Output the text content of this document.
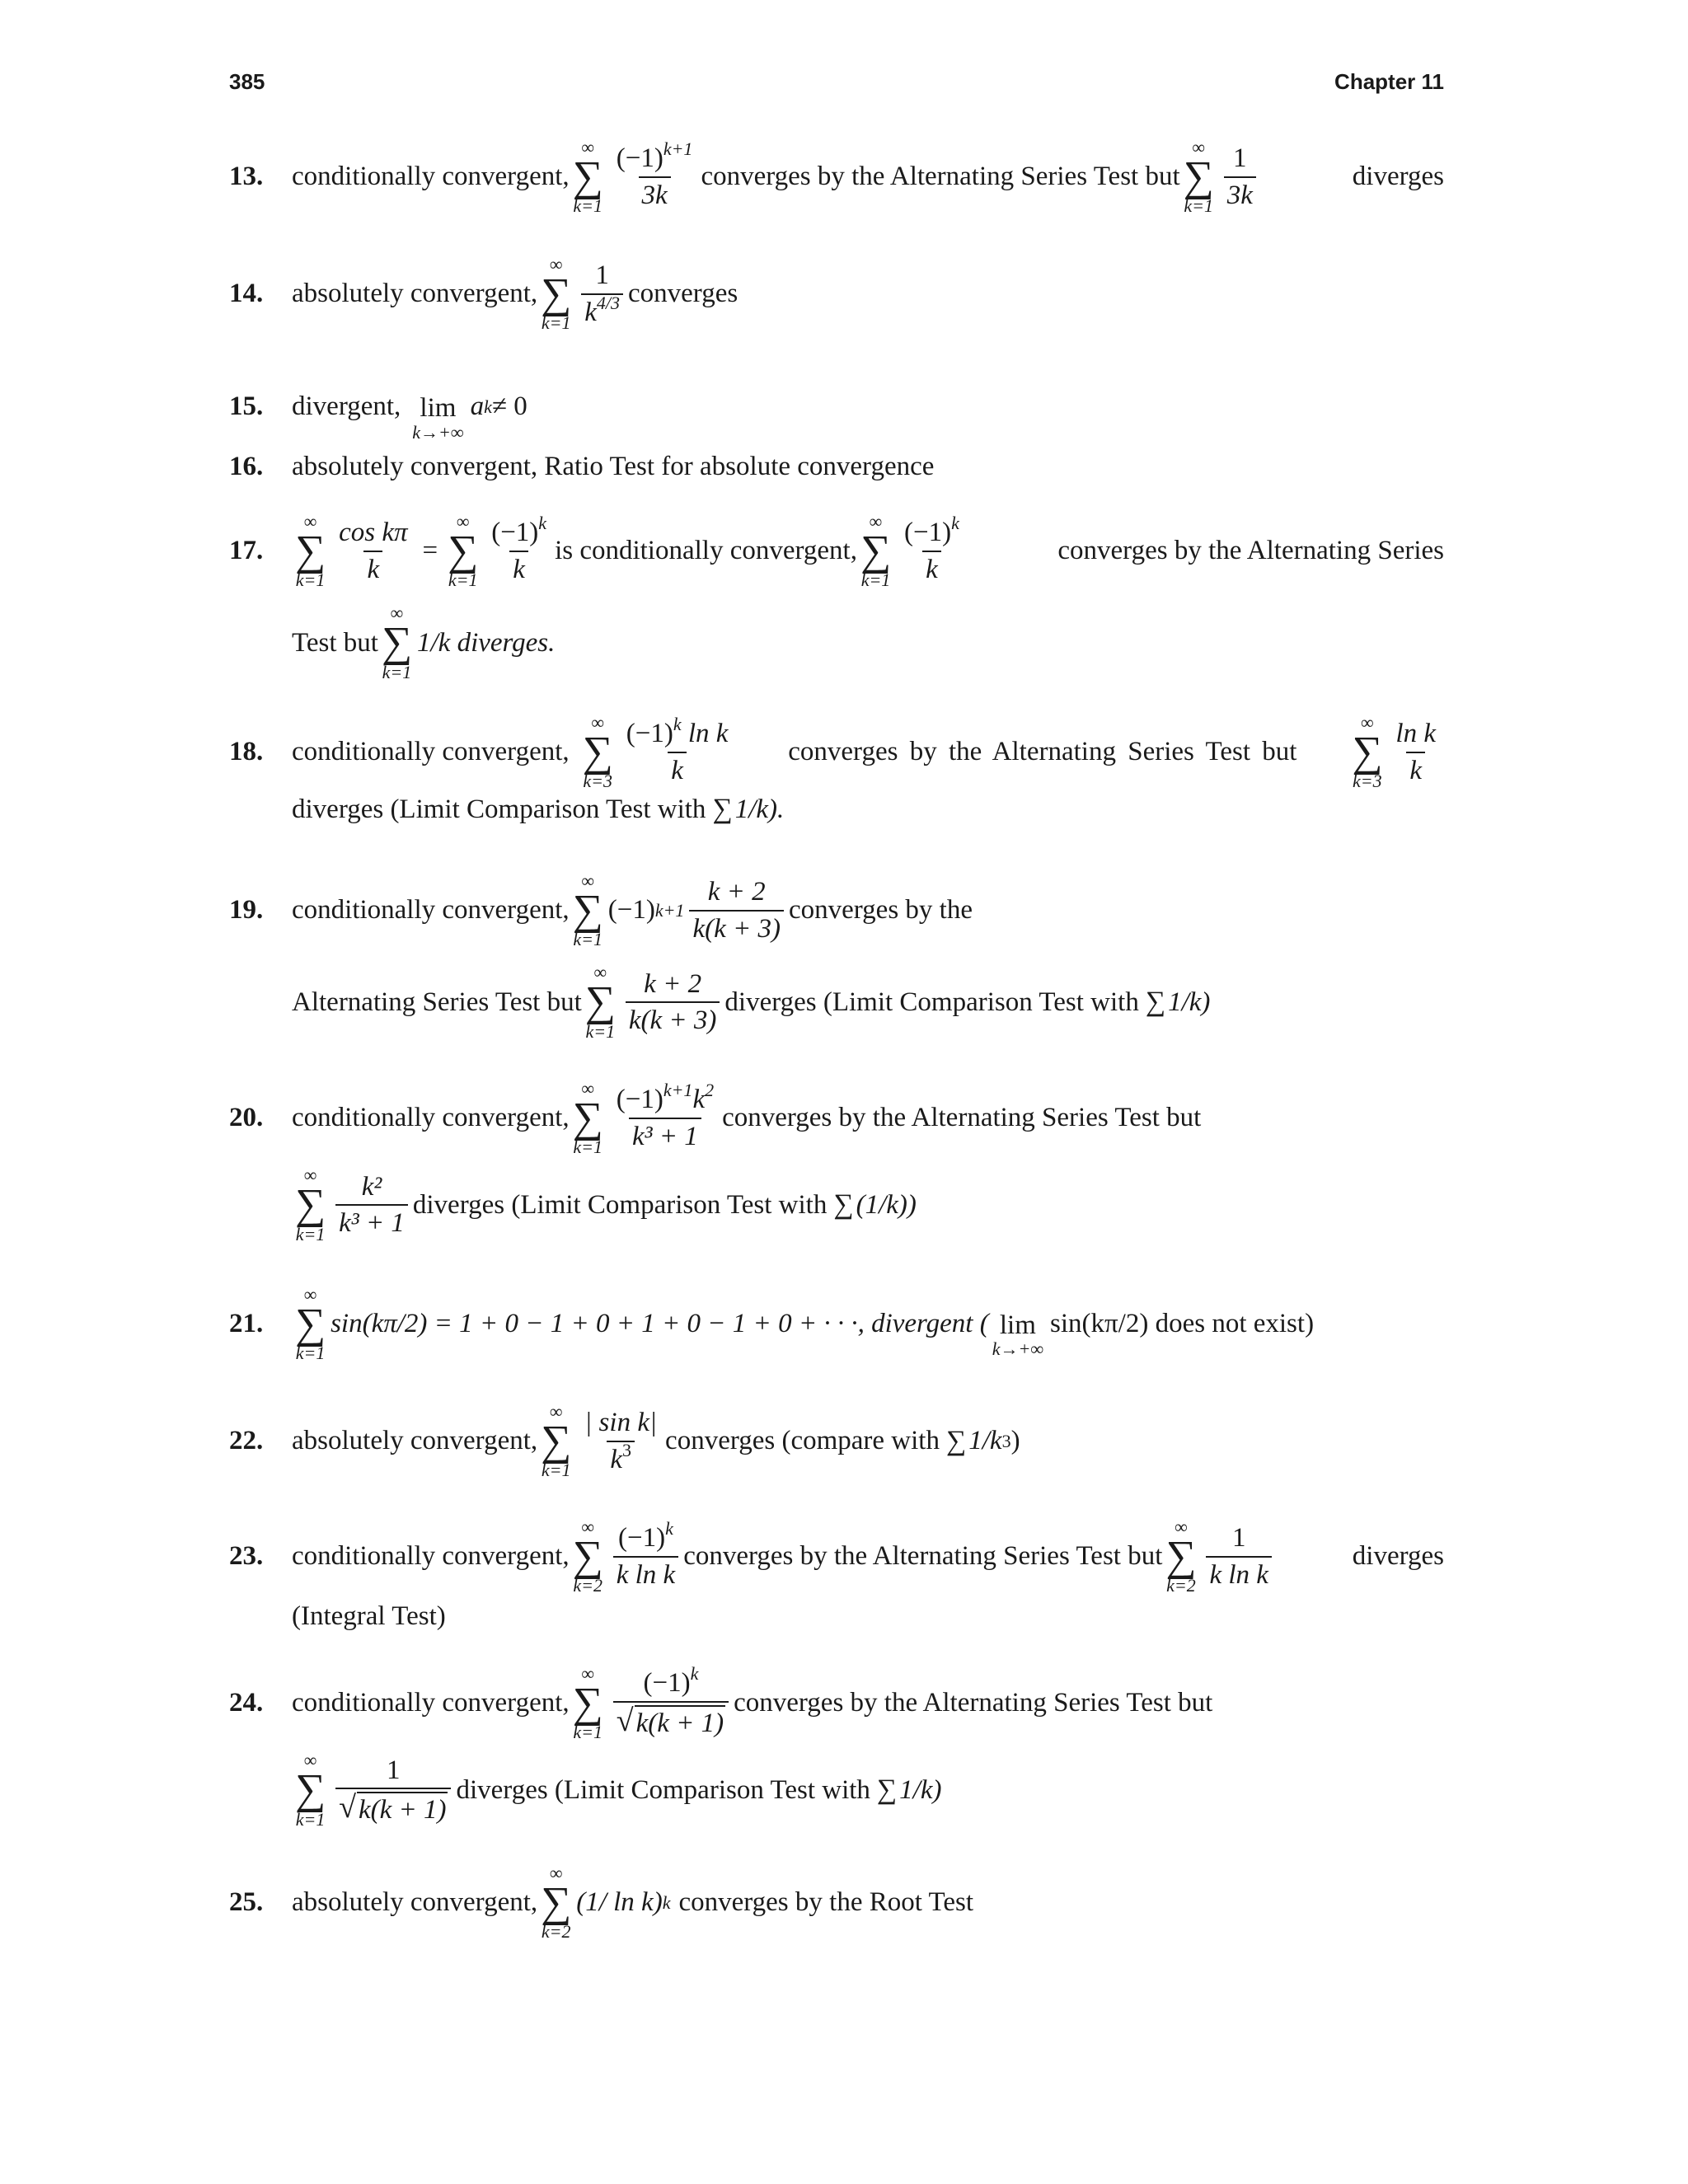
385	Chapter 11
13.	conditionally convergent,
∞
∑
$k=1 \frac{(-1)^{k+1}}{3k}$ converges by the Alternating Series Test but
∞
∑
$k=1 \frac{1}{3k}$	diverges
14.	absolutely convergent,
∞
∑
$k=1 \frac{1}{k^{4/3}}$ converges
15.	divergent, lim
k→+∞
a k ≠ 0
16.	absolutely convergent, Ratio Test for absolute convergence
17.
∞
∑
$k=1 \frac{\text{cos kπ}}{k}$ =
∞
∑
$k=1 \frac{(-1)^k}{k}$ is conditionally convergent,
∞
∑
$k=1 \frac{(-1)^k}{k}$	converges by the Alternating Series
Test but
∞
∑
k=1
1/k diverges.
18.	conditionally convergent,
∞
∑
$k=3 \frac{(-1)^k \ln k}{k}$ converges by the Alternating Series Test but
∞
∑
$k=3 \frac{\text{ln k}}{k}$
diverges (Limit Comparison Test with ∑ 1/k).
19.	conditionally convergent,
∞
∑
k=1
(−1) $k+1 \frac{k + 2}{k(k + 3)}$ converges by the
Alternating Series Test but
∞
∑
$k=1 \frac{k + 2}{k(k + 3)}$ diverges (Limit Comparison Test with ∑ 1/k)
20.	conditionally convergent,
∞
∑
$k=1 \frac{(-1)^{k+1}k^2}{\text{k³ + 1}}$ converges by the Alternating Series Test but
∞
∑
$k=1 \frac{\text{k²}}{\text{k³ + 1}}$ diverges (Limit Comparison Test with ∑ (1/k))
21.
∞
∑
k=1
sin(kπ/2) = 1 + 0 − 1 + 0 + 1 + 0 − 1 + 0 + · · ·, divergent ( lim
k→+∞
sin(kπ/2) does not exist)
22.	absolutely convergent,
∞
∑
$k=1 \frac{\text{| sin k|}}{k^3}$ converges (compare with ∑ 1/k 3 )
23.	conditionally convergent,
∞
∑
$k=2 \frac{(-1)^k}{\text{k ln k}}$ converges by the Alternating Series Test but
∞
∑
$k=2 \frac{1}{\text{k ln k}}$	diverges
(Integral Test)
24.	conditionally convergent,
∞
∑
$k=1 \frac{(-1)^k}{√ k(k + 1)}$ converges by the Alternating Series Test but
∞
∑
$k=1 \frac{1}{√ k(k + 1)}$ diverges (Limit Comparison Test with ∑ 1/k)
25.	absolutely convergent,
∞
∑
k=2
(1/ ln k) k converges by the Root Test
